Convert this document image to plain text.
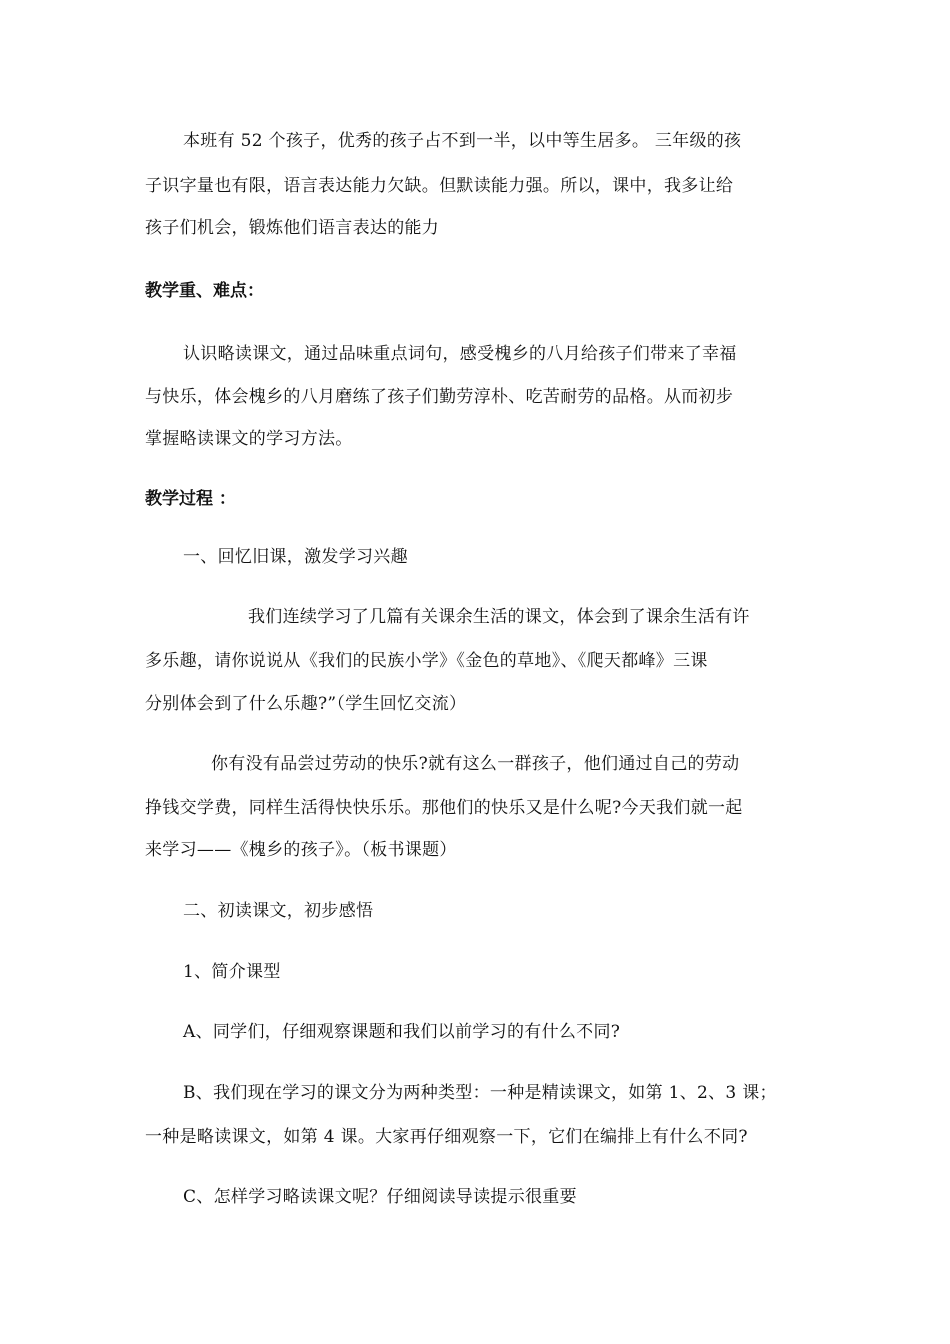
本班有 52 个孩子，优秀的孩子占不到一半，以中等生居多。 三年级的孩
子识字量也有限，语言表达能力欠缺。但默读能力强。所以，课中，我多让给
孩子们机会，锻炼他们语言表达的能力
教学重、难点：
认识略读课文，通过品味重点词句，感受槐乡的八月给孩子们带来了幸福
与快乐，体会槐乡的八月磨练了孩子们勤劳淳朴、吃苦耐劳的品格。从而初步
掌握略读课文的学习方法。
教学过程 ：
一、回忆旧课，激发学习兴趣
我们连续学习了几篇有关课余生活的课文，体会到了课余生活有许
多乐趣，请你说说从《我们的民族小学》《金色的草地》、《爬天都峰》三课
分别体会到了什么乐趣?”（学生回忆交流）
你有没有品尝过劳动的快乐?就有这么一群孩子，他们通过自己的劳动
挣钱交学费，同样生活得快快乐乐。那他们的快乐又是什么呢?今天我们就一起
来学习——《槐乡的孩子》。（板书课题）
二、初读课文，初步感悟
1、简介课型
A、同学们，仔细观察课题和我们以前学习的有什么不同?
B、我们现在学习的课文分为两种类型：一种是精读课文，如第 1、2、3 课；
一种是略读课文，如第 4 课。大家再仔细观察一下，它们在编排上有什么不同?
C、怎样学习略读课文呢？仔细阅读导读提示很重要
